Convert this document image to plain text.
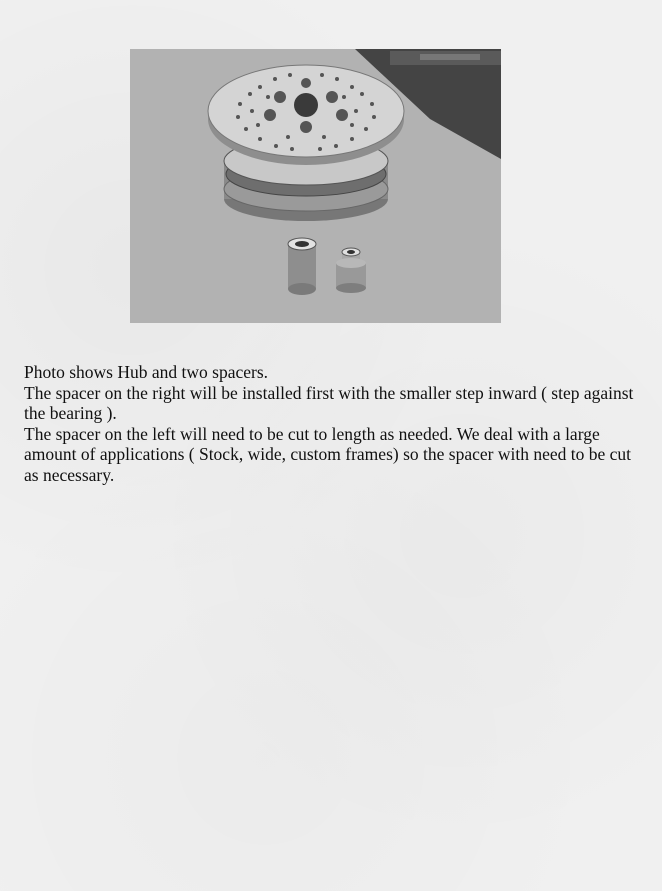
Photo shows Hub and two spacers.

The spacer on the right will be installed first with the smaller step inward ( step against the bearing ).

The spacer on the left will need to be cut to length as needed. We deal with a large amount of applications ( Stock, wide, custom frames) so the spacer with need to be cut as necessary.
